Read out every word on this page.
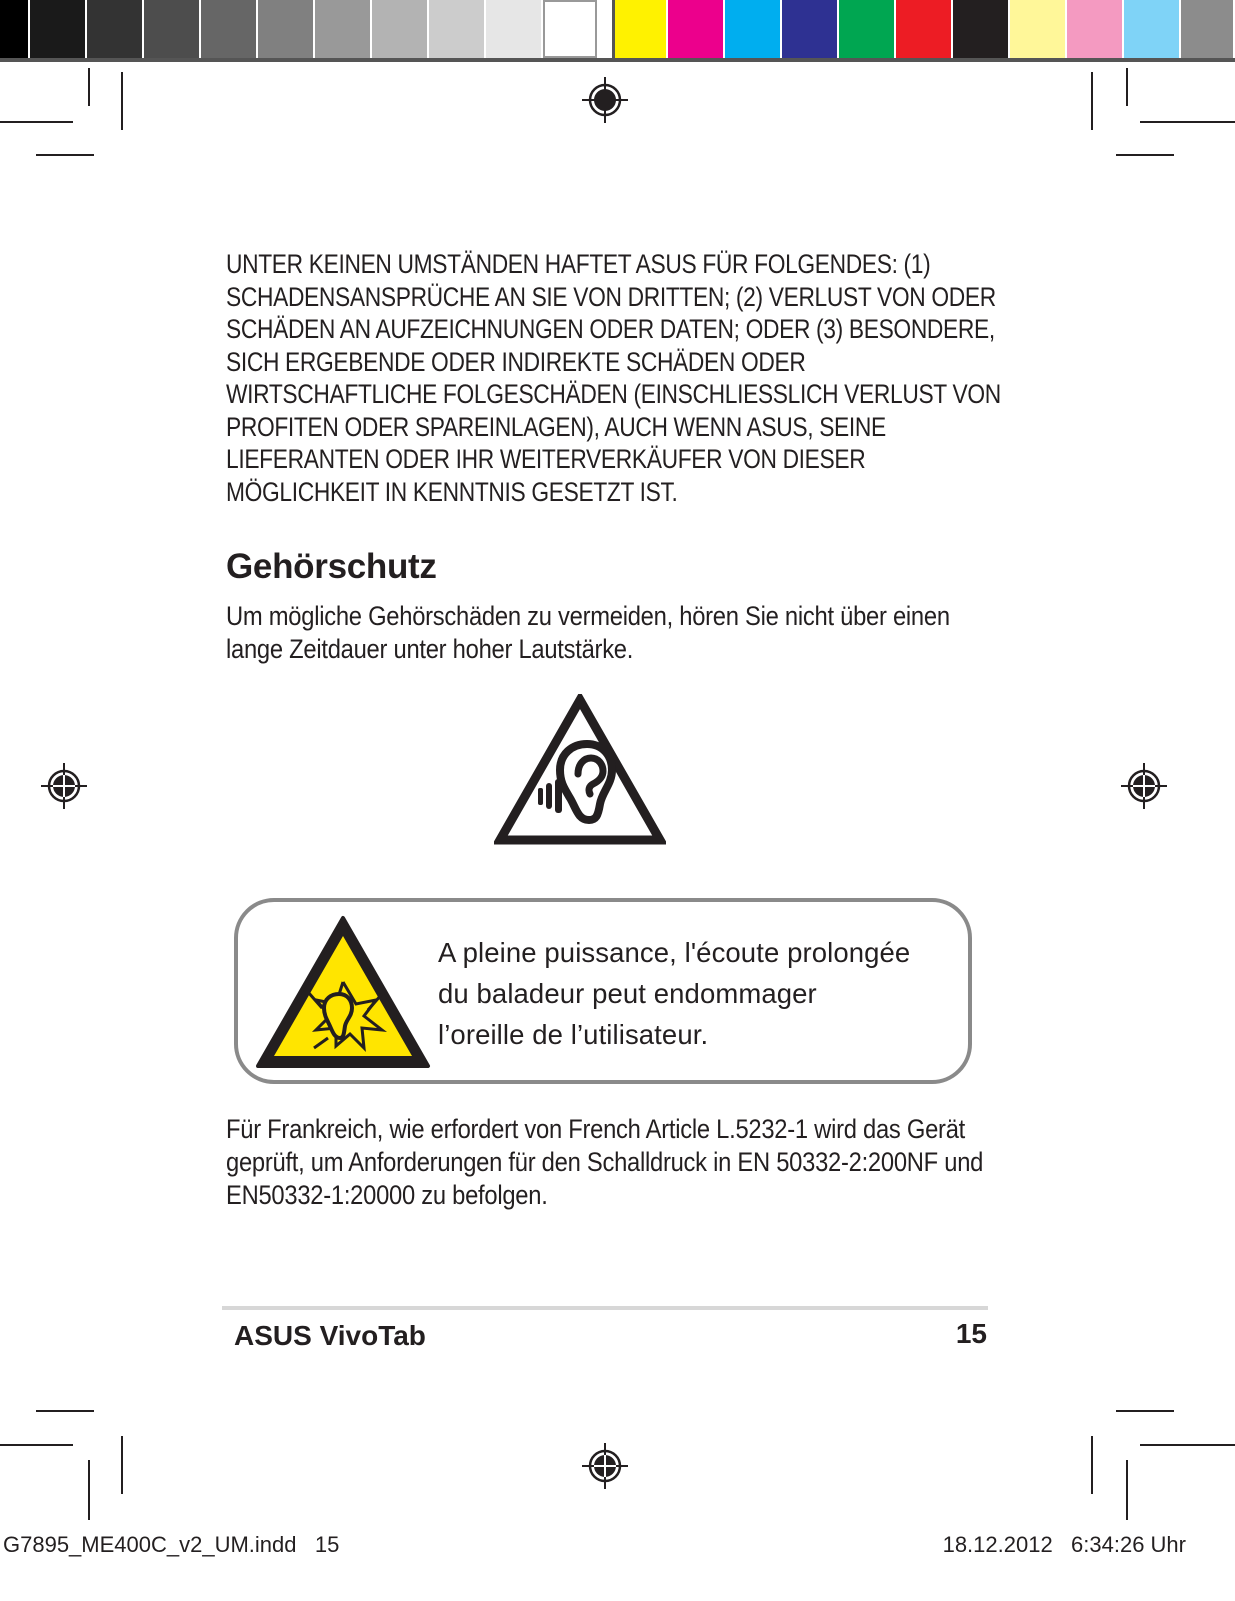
UNTER KEINEN UMSTÄNDEN HAFTET ASUS FÜR FOLGENDES: (1) SCHADENSANSPRÜCHE AN SIE VON DRITTEN; (2) VERLUST VON ODER SCHÄDEN AN AUFZEICHNUNGEN ODER DATEN; ODER (3) BESONDERE, SICH ERGEBENDE ODER INDIREKTE SCHÄDEN ODER WIRTSCHAFTLICHE FOLGESCHÄDEN (EINSCHLIESSLICH VERLUST VON PROFITEN ODER SPAREINLAGEN), AUCH WENN ASUS, SEINE LIEFERANTEN ODER IHR WEITERVERKÄUFER VON DIESER MÖGLICHKEIT IN KENNTNIS GESETZT IST.
Gehörschutz
Um mögliche Gehörschäden zu vermeiden, hören Sie nicht über einen lange Zeitdauer unter hoher Lautstärke.
A pleine puissance, l'écoute prolongée
du baladeur peut endommager
l’oreille de l’utilisateur.
Für Frankreich, wie erfordert von French Article L.5232-1 wird das Gerät geprüft, um Anforderungen für den Schalldruck in EN 50332-2:200NF und EN50332-1:20000 zu befolgen.
ASUS VivoTab	15
G7895_ME400C_v2_UM.indd   15	18.12.2012   6:34:26 Uhr
